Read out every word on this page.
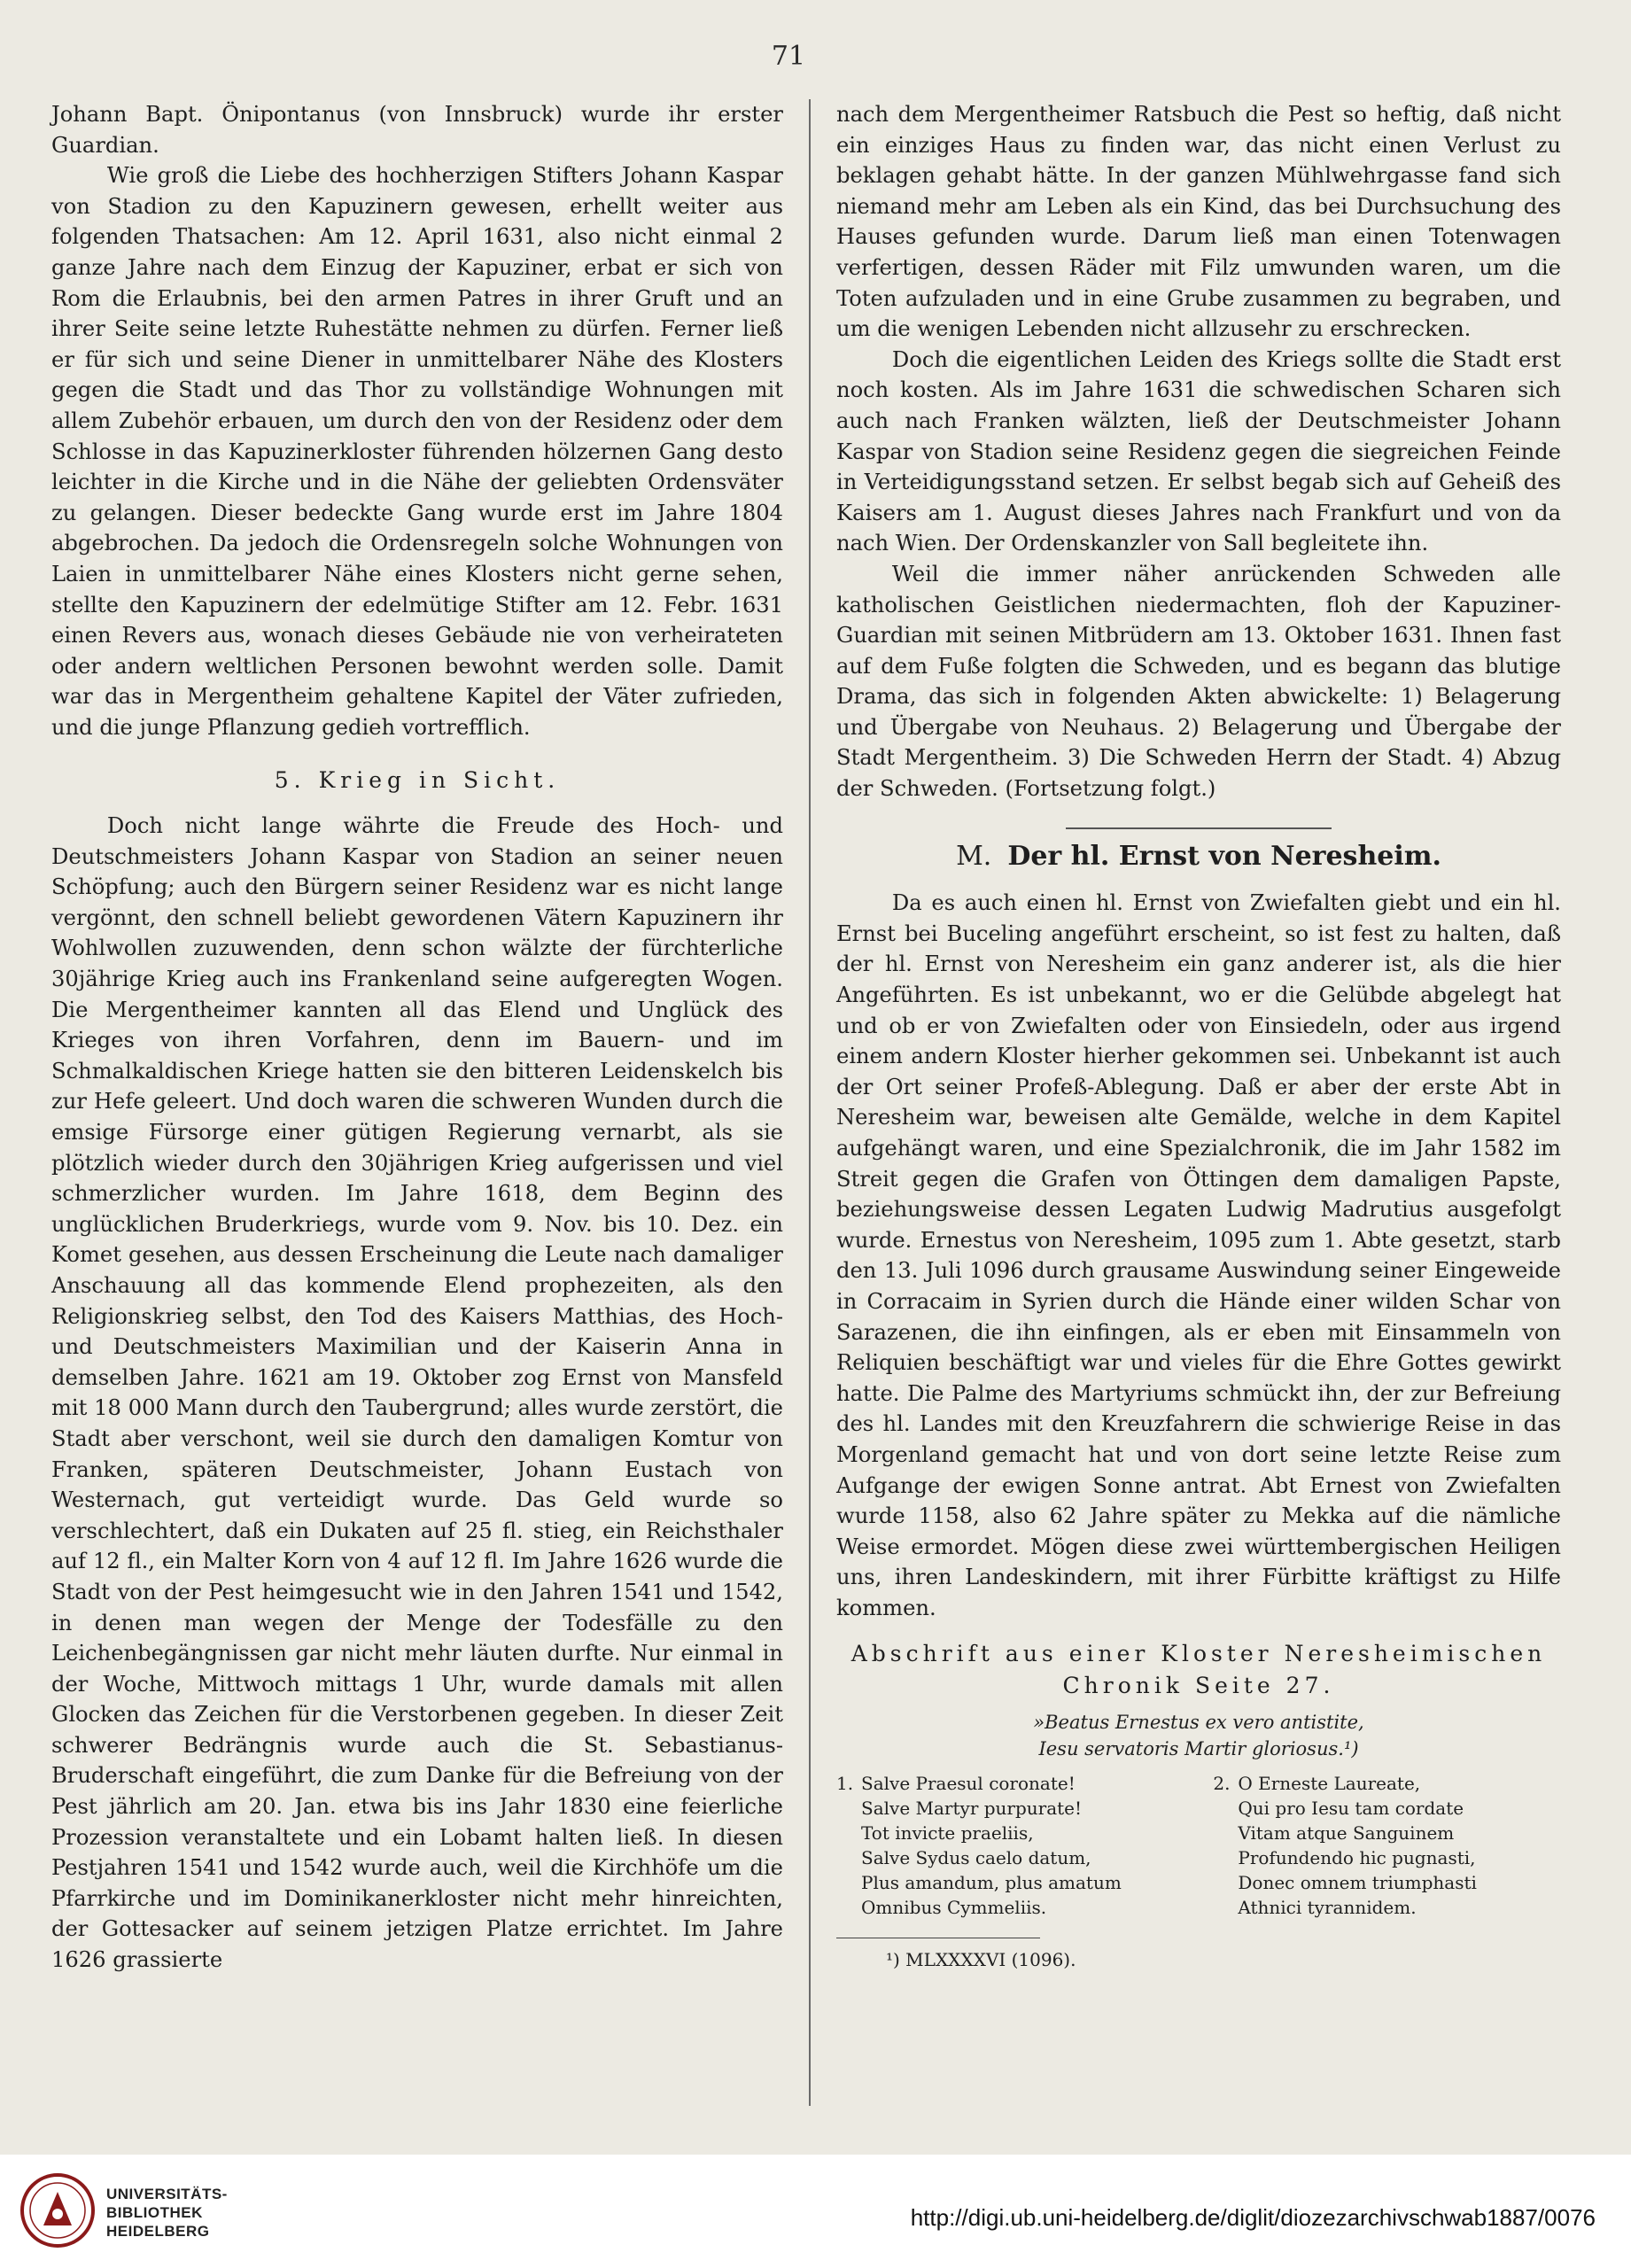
71

Johann Bapt. Önipontanus (von Innsbruck) wurde ihr erster Guardian.

Wie groß die Liebe des hochherzigen Stifters Johann Kaspar von Stadion zu den Kapuzinern gewesen, erhellt weiter aus folgenden Thatsachen: Am 12. April 1631, also nicht einmal 2 ganze Jahre nach dem Einzug der Kapuziner, erbat er sich von Rom die Erlaubnis, bei den armen Patres in ihrer Gruft und an ihrer Seite seine letzte Ruhestätte nehmen zu dürfen. Ferner ließ er für sich und seine Diener in unmittelbarer Nähe des Klosters gegen die Stadt und das Thor zu vollständige Wohnungen mit allem Zubehör erbauen, um durch den von der Residenz oder dem Schlosse in das Kapuzinerkloster führenden hölzernen Gang desto leichter in die Kirche und in die Nähe der geliebten Ordensväter zu gelangen. Dieser bedeckte Gang wurde erst im Jahre 1804 abgebrochen. Da jedoch die Ordensregeln solche Wohnungen von Laien in unmittelbarer Nähe eines Klosters nicht gerne sehen, stellte den Kapuzinern der edelmütige Stifter am 12. Febr. 1631 einen Revers aus, wonach dieses Gebäude nie von verheirateten oder andern weltlichen Personen bewohnt werden solle. Damit war das in Mergentheim gehaltene Kapitel der Väter zufrieden, und die junge Pflanzung gedieh vortrefflich.

5. Krieg in Sicht.

Doch nicht lange währte die Freude des Hoch- und Deutschmeisters Johann Kaspar von Stadion an seiner neuen Schöpfung; auch den Bürgern seiner Residenz war es nicht lange vergönnt, den schnell beliebt gewordenen Vätern Kapuzinern ihr Wohlwollen zuzuwenden, denn schon wälzte der fürchterliche 30jährige Krieg auch ins Frankenland seine aufgeregten Wogen. Die Mergentheimer kannten all das Elend und Unglück des Krieges von ihren Vorfahren, denn im Bauern- und im Schmalkaldischen Kriege hatten sie den bitteren Leidenskelch bis zur Hefe geleert. Und doch waren die schweren Wunden durch die emsige Fürsorge einer gütigen Regierung vernarbt, als sie plötzlich wieder durch den 30jährigen Krieg aufgerissen und viel schmerzlicher wurden. Im Jahre 1618, dem Beginn des unglücklichen Bruderkriegs, wurde vom 9. Nov. bis 10. Dez. ein Komet gesehen, aus dessen Erscheinung die Leute nach damaliger Anschauung all das kommende Elend prophezeiten, als den Religionskrieg selbst, den Tod des Kaisers Matthias, des Hoch- und Deutschmeisters Maximilian und der Kaiserin Anna in demselben Jahre. 1621 am 19. Oktober zog Ernst von Mansfeld mit 18 000 Mann durch den Taubergrund; alles wurde zerstört, die Stadt aber verschont, weil sie durch den damaligen Komtur von Franken, späteren Deutschmeister, Johann Eustach von Westernach, gut verteidigt wurde. Das Geld wurde so verschlechtert, daß ein Dukaten auf 25 fl. stieg, ein Reichsthaler auf 12 fl., ein Malter Korn von 4 auf 12 fl. Im Jahre 1626 wurde die Stadt von der Pest heimgesucht wie in den Jahren 1541 und 1542, in denen man wegen der Menge der Todesfälle zu den Leichenbegängnissen gar nicht mehr läuten durfte. Nur einmal in der Woche, Mittwoch mittags 1 Uhr, wurde damals mit allen Glocken das Zeichen für die Verstorbenen gegeben. In dieser Zeit schwerer Bedrängnis wurde auch die St. Sebastianus-Bruderschaft eingeführt, die zum Danke für die Befreiung von der Pest jährlich am 20. Jan. etwa bis ins Jahr 1830 eine feierliche Prozession veranstaltete und ein Lobamt halten ließ. In diesen Pestjahren 1541 und 1542 wurde auch, weil die Kirchhöfe um die Pfarrkirche und im Dominikanerkloster nicht mehr hinreichten, der Gottesacker auf seinem jetzigen Platze errichtet. Im Jahre 1626 grassierte

nach dem Mergentheimer Ratsbuch die Pest so heftig, daß nicht ein einziges Haus zu finden war, das nicht einen Verlust zu beklagen gehabt hätte. In der ganzen Mühlwehrgasse fand sich niemand mehr am Leben als ein Kind, das bei Durchsuchung des Hauses gefunden wurde. Darum ließ man einen Totenwagen verfertigen, dessen Räder mit Filz umwunden waren, um die Toten aufzuladen und in eine Grube zusammen zu begraben, und um die wenigen Lebenden nicht allzusehr zu erschrecken.

Doch die eigentlichen Leiden des Kriegs sollte die Stadt erst noch kosten. Als im Jahre 1631 die schwedischen Scharen sich auch nach Franken wälzten, ließ der Deutschmeister Johann Kaspar von Stadion seine Residenz gegen die siegreichen Feinde in Verteidigungsstand setzen. Er selbst begab sich auf Geheiß des Kaisers am 1. August dieses Jahres nach Frankfurt und von da nach Wien. Der Ordenskanzler von Sall begleitete ihn.

Weil die immer näher anrückenden Schweden alle katholischen Geistlichen niedermachten, floh der Kapuziner-Guardian mit seinen Mitbrüdern am 13. Oktober 1631. Ihnen fast auf dem Fuße folgten die Schweden, und es begann das blutige Drama, das sich in folgenden Akten abwickelte: 1) Belagerung und Übergabe von Neuhaus. 2) Belagerung und Übergabe der Stadt Mergentheim. 3) Die Schweden Herrn der Stadt. 4) Abzug der Schweden. (Fortsetzung folgt.)

M. Der hl. Ernst von Neresheim.

Da es auch einen hl. Ernst von Zwiefalten giebt und ein hl. Ernst bei Buceling angeführt erscheint, so ist fest zu halten, daß der hl. Ernst von Neresheim ein ganz anderer ist, als die hier Angeführten. Es ist unbekannt, wo er die Gelübde abgelegt hat und ob er von Zwiefalten oder von Einsiedeln, oder aus irgend einem andern Kloster hierher gekommen sei. Unbekannt ist auch der Ort seiner Profeß-Ablegung. Daß er aber der erste Abt in Neresheim war, beweisen alte Gemälde, welche in dem Kapitel aufgehängt waren, und eine Spezialchronik, die im Jahr 1582 im Streit gegen die Grafen von Öttingen dem damaligen Papste, beziehungsweise dessen Legaten Ludwig Madrutius ausgefolgt wurde. Ernestus von Neresheim, 1095 zum 1. Abte gesetzt, starb den 13. Juli 1096 durch grausame Auswindung seiner Eingeweide in Corracaim in Syrien durch die Hände einer wilden Schar von Sarazenen, die ihn einfingen, als er eben mit Einsammeln von Reliquien beschäftigt war und vieles für die Ehre Gottes gewirkt hatte. Die Palme des Martyriums schmückt ihn, der zur Befreiung des hl. Landes mit den Kreuzfahrern die schwierige Reise in das Morgenland gemacht hat und von dort seine letzte Reise zum Aufgange der ewigen Sonne antrat. Abt Ernest von Zwiefalten wurde 1158, also 62 Jahre später zu Mekka auf die nämliche Weise ermordet. Mögen diese zwei württembergischen Heiligen uns, ihren Landeskindern, mit ihrer Fürbitte kräftigst zu Hilfe kommen.

Abschrift aus einer Kloster Neresheimischen
Chronik Seite 27.
»Beatus Ernestus ex vero antistite,
Iesu servatoris Martir gloriosus.¹)
1. Salve Praesul coronate!
Salve Martyr purpurate!
Tot invicte praeliis,
Salve Sydus caelo datum,
Plus amandum, plus amatum
Omnibus Cymmeliis.
2. O Erneste Laureate,
Qui pro Iesu tam cordate
Vitam atque Sanguinem
Profundendo hic pugnasti,
Donec omnem triumphasti
Athnici tyrannidem.
¹) MLXXXXVI (1096).
UNIVERSITÄTS-
BIBLIOTHEK
HEIDELBERG
http://digi.ub.uni-heidelberg.de/diglit/diozezarchivschwab1887/0076
